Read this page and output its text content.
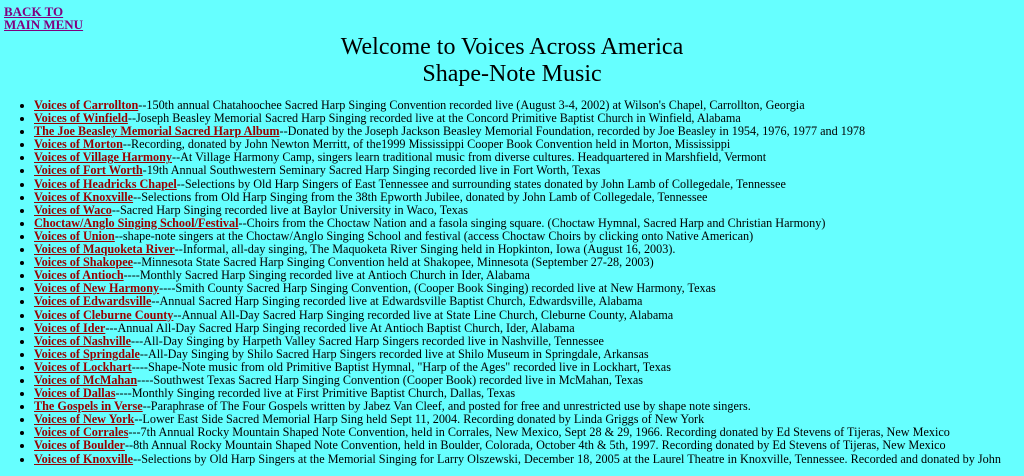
BACK TO
MAIN MENU
Welcome to Voices Across America
Shape-Note Music
• Voices of Carrollton--150th annual Chatahoochee Sacred Harp Singing Convention recorded live (August 3-4, 2002) at Wilson's Chapel, Carrollton, Georgia
• Voices of Winfield--Joseph Beasley Memorial Sacred Harp Singing recorded live at the Concord Primitive Baptist Church in Winfield, Alabama
• The Joe Beasley Memorial Sacred Harp Album--Donated by the Joseph Jackson Beasley Memorial Foundation, recorded by Joe Beasley in 1954, 1976, 1977 and 1978
• Voices of Morton--Recording, donated by John Newton Merritt, of the1999 Mississippi Cooper Book Convention held in Morton, Mississippi
• Voices of Village Harmony--At Village Harmony Camp, singers learn traditional music from diverse cultures. Headquartered in Marshfield, Vermont
• Voices of Fort Worth-19th Annual Southwestern Seminary Sacred Harp Singing recorded live in Fort Worth, Texas
• Voices of Headricks Chapel--Selections by Old Harp Singers of East Tennessee and surrounding states donated by John Lamb of Collegedale, Tennessee
• Voices of Knoxville--Selections from Old Harp Singing from the 38th Epworth Jubilee, donated by John Lamb of Collegedale, Tennessee
• Voices of Waco--Sacred Harp Singing recorded live at Baylor University in Waco, Texas
• Choctaw/Anglo Singing School/Festival--Choirs from the Choctaw Nation and a fasola singing square. (Choctaw Hymnal, Sacred Harp and Christian Harmony)
• Voices of Union--shape-note singers at the Choctaw/Anglo Singing School and festival (access Choctaw Choirs by clicking onto Native American)
• Voices of Maquoketa River--Informal, all-day singing, The Maquoketa River Singing held in Hopkinton, Iowa (August 16, 2003).
• Voices of Shakopee--Minnesota State Sacred Harp Singing Convention held at Shakopee, Minnesota (September 27-28, 2003)
• Voices of Antioch----Monthly Sacred Harp Singing recorded live at Antioch Church in Ider, Alabama
• Voices of New Harmony----Smith County Sacred Harp Singing Convention, (Cooper Book Singing) recorded live at New Harmony, Texas
• Voices of Edwardsville--Annual Sacred Harp Singing recorded live at Edwardsville Baptist Church, Edwardsville, Alabama
• Voices of Cleburne County--Annual All-Day Sacred Harp Singing recorded live at State Line Church, Cleburne County, Alabama
• Voices of Ider---Annual All-Day Sacred Harp Singing recorded live At Antioch Baptist Church, Ider, Alabama
• Voices of Nashville---All-Day Singing by Harpeth Valley Sacred Harp Singers recorded live in Nashville, Tennessee
• Voices of Springdale--All-Day Singing by Shilo Sacred Harp Singers recorded live at Shilo Museum in Springdale, Arkansas
• Voices of Lockhart----Shape-Note music from old Primitive Baptist Hymnal, "Harp of the Ages" recorded live in Lockhart, Texas
• Voices of McMahan----Southwest Texas Sacred Harp Singing Convention (Cooper Book) recorded live in McMahan, Texas
• Voices of Dallas----Monthly Singing recorded live at First Primitive Baptist Church, Dallas, Texas
• The Gospels in Verse--Paraphrase of The Four Gospels written by Jabez Van Cleef, and posted for free and unrestricted use by shape note singers.
• Voices of New York--Lower East Side Sacred Memorial Harp Sing held Sept 11, 2004. Recording donated by Linda Griggs of New York
• Voices of Corrales---7th Annual Rocky Mountain Shaped Note Convention, held in Corrales, New Mexico, Sept 28 & 29, 1966. Recording donated by Ed Stevens of Tijeras, New Mexico
• Voices of Boulder--8th Annual Rocky Mountain Shaped Note Convention, held in Boulder, Colorada, October 4th & 5th, 1997. Recording donated by Ed Stevens of Tijeras, New Mexico
• Voices of Knoxville--Selections by Old Harp Singers at the Memorial Singing for Larry Olszewski, December 18, 2005 at the Laurel Theatre in Knoxville, Tennessee. Recorded and donated by John
